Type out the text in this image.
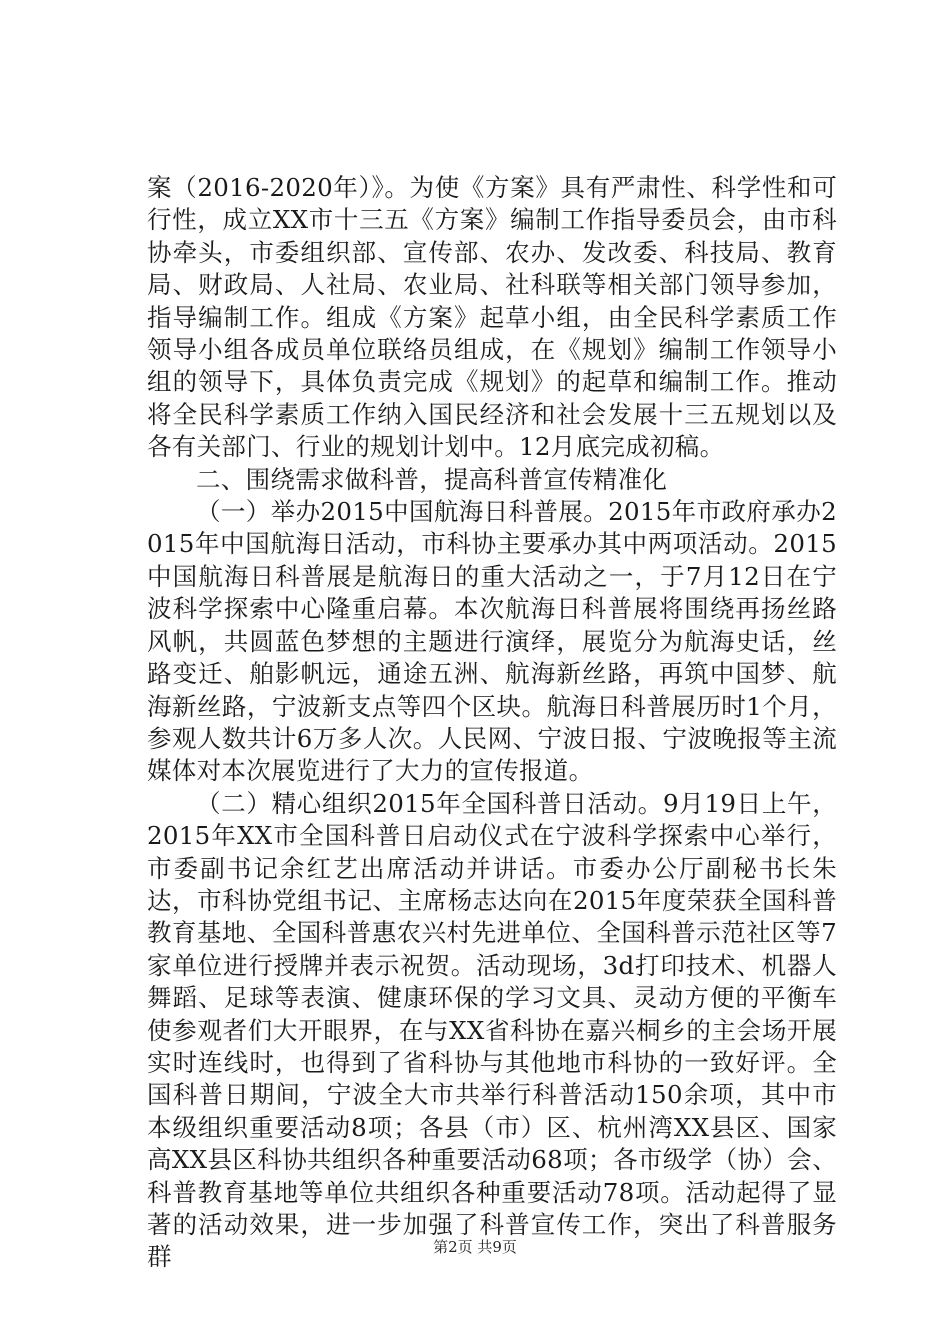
案（2016-2020年）》。为使《方案》具有严肃性、科学性和可行性，成立XX市十三五《方案》编制工作指导委员会，由市科协牵头，市委组织部、宣传部、农办、发改委、科技局、教育局、财政局、人社局、农业局、社科联等相关部门领导参加，指导编制工作。组成《方案》起草小组，由全民科学素质工作领导小组各成员单位联络员组成，在《规划》编制工作领导小组的领导下，具体负责完成《规划》的起草和编制工作。推动将全民科学素质工作纳入国民经济和社会发展十三五规划以及各有关部门、行业的规划计划中。12月底完成初稿。

二、围绕需求做科普，提高科普宣传精准化

（一）举办2015中国航海日科普展。2015年市政府承办2015年中国航海日活动，市科协主要承办其中两项活动。2015中国航海日科普展是航海日的重大活动之一，于7月12日在宁波科学探索中心隆重启幕。本次航海日科普展将围绕再扬丝路风帆，共圆蓝色梦想的主题进行演绎，展览分为航海史话，丝路变迁、舶影帆远，通途五洲、航海新丝路，再筑中国梦、航海新丝路，宁波新支点等四个区块。航海日科普展历时1个月，参观人数共计6万多人次。人民网、宁波日报、宁波晚报等主流媒体对本次展览进行了大力的宣传报道。

（二）精心组织2015年全国科普日活动。9月19日上午，2015年XX市全国科普日启动仪式在宁波科学探索中心举行，市委副书记余红艺出席活动并讲话。市委办公厅副秘书长朱达，市科协党组书记、主席杨志达向在2015年度荣获全国科普教育基地、全国科普惠农兴村先进单位、全国科普示范社区等7家单位进行授牌并表示祝贺。活动现场，3d打印技术、机器人舞蹈、足球等表演、健康环保的学习文具、灵动方便的平衡车使参观者们大开眼界，在与XX省科协在嘉兴桐乡的主会场开展实时连线时，也得到了省科协与其他地市科协的一致好评。全国科普日期间，宁波全大市共举行科普活动150余项，其中市本级组织重要活动8项；各县（市）区、杭州湾XX县区、国家高XX县区科协共组织各种重要活动68项；各市级学（协）会、科普教育基地等单位共组织各种重要活动78项。活动起得了显著的活动效果，进一步加强了科普宣传工作，突出了科普服务群	第2页 共9页
